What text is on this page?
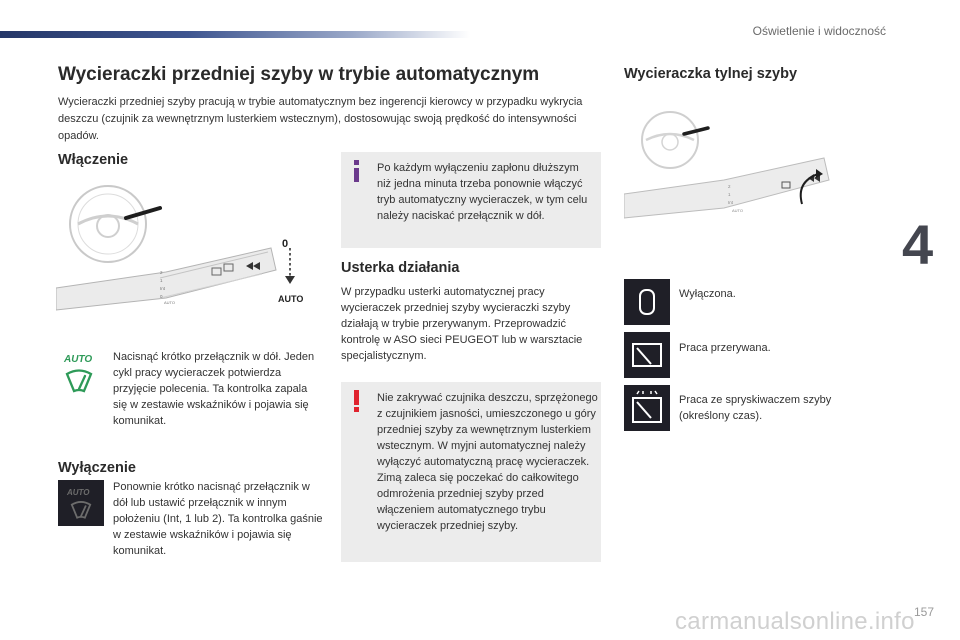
Oświetlenie i widoczność
4
157
carmanualsonline.info
Wycieraczki przedniej szyby w trybie automatycznym
Wycieraczki przedniej szyby pracują w trybie automatycznym bez ingerencji kierowcy w przypadku wykrycia deszczu (czujnik za wewnętrznym lusterkiem wstecznym), dostosowując swoją prędkość do intensywności opadów.
Włączenie
2
1
Int
0
AUTO
0
AUTO
AUTO Nacisnąć krótko przełącznik w dół. Jeden cykl pracy wycieraczek potwierdza przyjęcie polecenia. Ta kontrolka zapala się w zestawie wskaźników i pojawia się komunikat.
Wyłączenie
AUTO Ponownie krótko nacisnąć przełącznik w dół lub ustawić przełącznik w innym położeniu (Int, 1 lub 2). Ta kontrolka gaśnie w zestawie wskaźników i pojawia się komunikat.
Po każdym wyłączeniu zapłonu dłuższym niż jedna minuta trzeba ponownie włączyć tryb automatyczny wycieraczek, w tym celu należy naciskać przełącznik w dół.
Usterka działania
W przypadku usterki automatycznej pracy wycieraczek przedniej szyby wycieraczki szyby działają w trybie przerywanym. Przeprowadzić kontrolę w ASO sieci PEUGEOT lub w warsztacie specjalistycznym.
Nie zakrywać czujnika deszczu, sprzężonego z czujnikiem jasności, umieszczonego u góry przedniej szyby za wewnętrznym lusterkiem wstecznym. W myjni automatycznej należy wyłączyć automatyczną pracę wycieraczek. Zimą zaleca się poczekać do całkowitego odmrożenia przedniej szyby przed włączeniem automatycznego trybu wycieraczek przedniej szyby.
Wycieraczka tylnej szyby
2
1
Int
AUTO
Wyłączona.
Praca przerywana.
Praca ze spryskiwaczem szyby (określony czas).
